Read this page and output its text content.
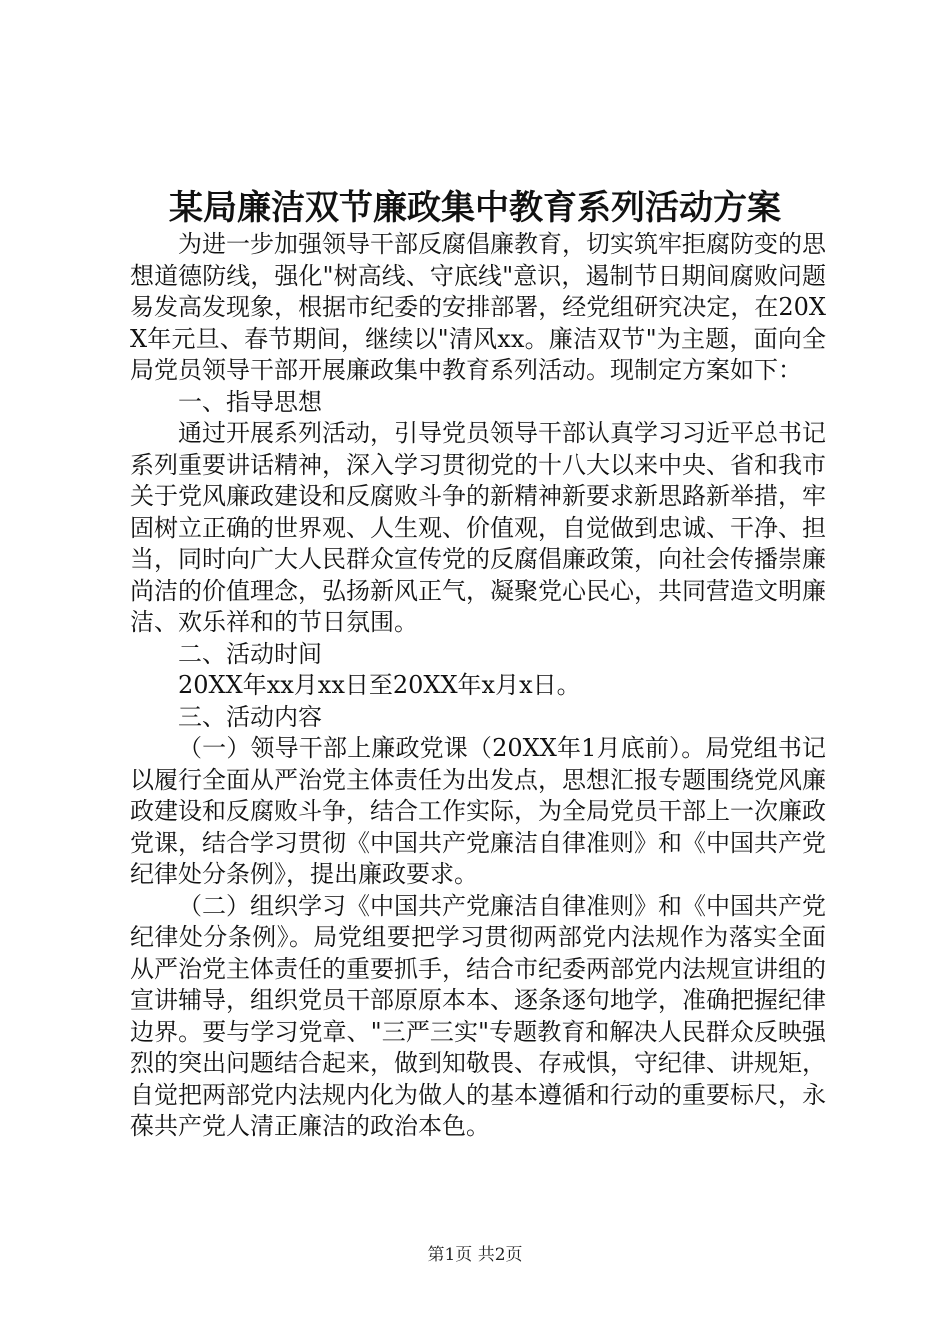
某局廉洁双节廉政集中教育系列活动方案

为进一步加强领导干部反腐倡廉教育，切实筑牢拒腐防变的思想道德防线，强化"树高线、守底线"意识，遏制节日期间腐败问题易发高发现象，根据市纪委的安排部署，经党组研究决定，在20XX年元旦、春节期间，继续以"清风xx。廉洁双节"为主题，面向全局党员领导干部开展廉政集中教育系列活动。现制定方案如下：

一、指导思想

通过开展系列活动，引导党员领导干部认真学习习近平总书记系列重要讲话精神，深入学习贯彻党的十八大以来中央、省和我市关于党风廉政建设和反腐败斗争的新精神新要求新思路新举措，牢固树立正确的世界观、人生观、价值观，自觉做到忠诚、干净、担当，同时向广大人民群众宣传党的反腐倡廉政策，向社会传播崇廉尚洁的价值理念，弘扬新风正气，凝聚党心民心，共同营造文明廉洁、欢乐祥和的节日氛围。

二、活动时间

20XX年xx月xx日至20XX年x月x日。

三、活动内容

（一）领导干部上廉政党课（20XX年1月底前）。局党组书记以履行全面从严治党主体责任为出发点，思想汇报专题围绕党风廉政建设和反腐败斗争，结合工作实际，为全局党员干部上一次廉政党课，结合学习贯彻《中国共产党廉洁自律准则》和《中国共产党纪律处分条例》，提出廉政要求。

（二）组织学习《中国共产党廉洁自律准则》和《中国共产党纪律处分条例》。局党组要把学习贯彻两部党内法规作为落实全面从严治党主体责任的重要抓手，结合市纪委两部党内法规宣讲组的宣讲辅导，组织党员干部原原本本、逐条逐句地学，准确把握纪律边界。要与学习党章、"三严三实"专题教育和解决人民群众反映强烈的突出问题结合起来，做到知敬畏、存戒惧，守纪律、讲规矩，自觉把两部党内法规内化为做人的基本遵循和行动的重要标尺，永葆共产党人清正廉洁的政治本色。

第1页 共2页
